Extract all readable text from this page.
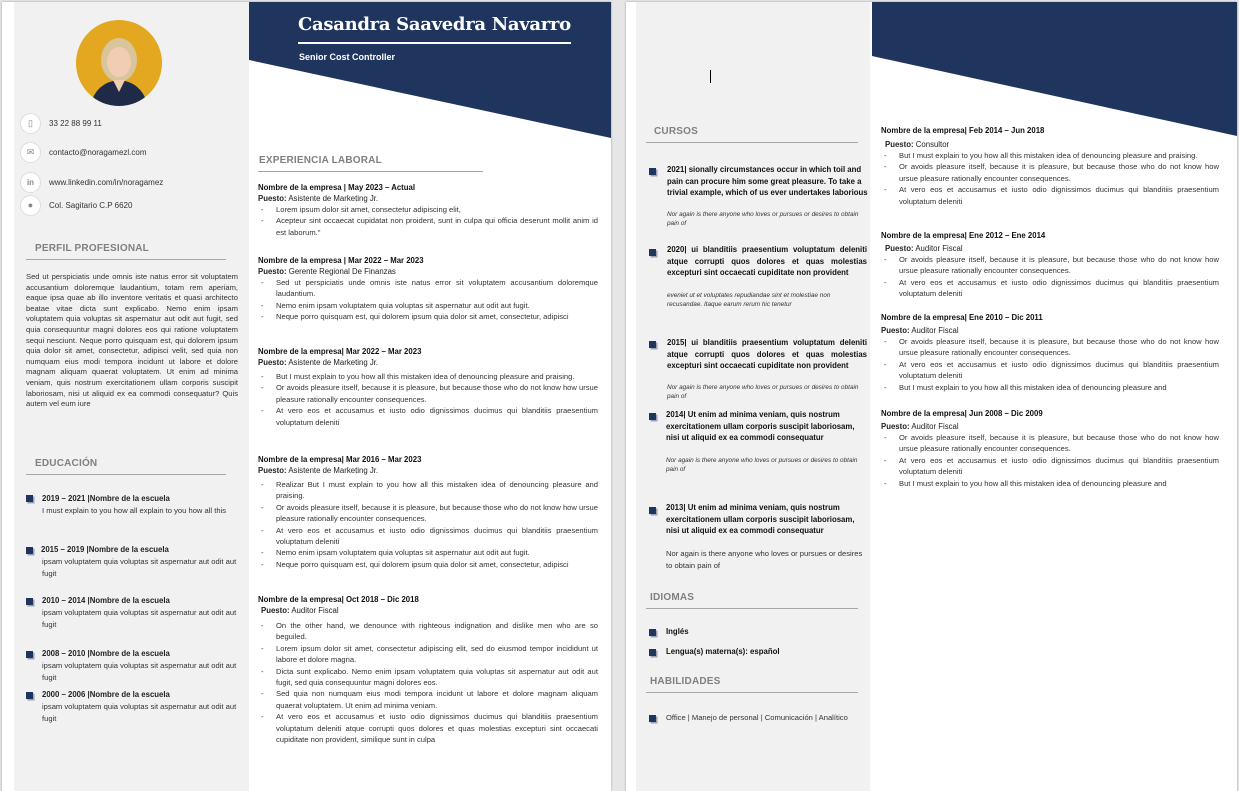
Casandra Saavedra Navarro
Senior Cost Controller
▯	33 22 88 99 11
✉	contacto@noragamezl.com
in	www.linkedin.com/in/noragamez
●	Col. Sagitario C.P 6620
PERFIL PROFESIONAL
Sed ut perspiciatis unde omnis iste natus error sit voluptatem accusantium doloremque laudantium, totam rem aperiam, eaque ipsa quae ab illo inventore veritatis et quasi architecto beatae vitae dicta sunt explicabo. Nemo enim ipsam voluptatem quia voluptas sit aspernatur aut odit aut fugit, sed quia consequuntur magni dolores eos qui ratione voluptatem sequi nesciunt. Neque porro quisquam est, qui dolorem ipsum quia dolor sit amet, consectetur, adipisci velit, sed quia non numquam eius modi tempora incidunt ut labore et dolore magnam aliquam quaerat voluptatem. Ut enim ad minima veniam, quis nostrum exercitationem ullam corporis suscipit laboriosam, nisi ut aliquid ex ea commodi consequatur? Quis autem vel eum iure
EDUCACIÓN
2019 – 2021 |Nombre de la escuela
I must explain to you how all explain to you how all this
2015 – 2019 |Nombre de la escuela
ipsam voluptatem quia voluptas sit aspernatur aut odit aut fugit
2010 – 2014 |Nombre de la escuela
ipsam voluptatem quia voluptas sit aspernatur aut odit aut fugit
2008 – 2010 |Nombre de la escuela
ipsam voluptatem quia voluptas sit aspernatur aut odit aut fugit
2000 – 2006 |Nombre de la escuela
ipsam voluptatem quia voluptas sit aspernatur aut odit aut fugit
EXPERIENCIA LABORAL
Nombre de la empresa | May 2023 – Actual
Puesto: Asistente de Marketing Jr.
- Lorem ipsum dolor sit amet, consectetur adipiscing elit,
- Acepteur sint occaecat cupidatat non proident, sunt in culpa qui officia deserunt mollit anim id est laborum."
Nombre de la empresa | Mar 2022 – Mar 2023
Puesto: Gerente Regional De Finanzas
- Sed ut perspiciatis unde omnis iste natus error sit voluptatem accusantium doloremque laudantium.
- Nemo enim ipsam voluptatem quia voluptas sit aspernatur aut odit aut fugit.
- Neque porro quisquam est, qui dolorem ipsum quia dolor sit amet, consectetur, adipisci
Nombre de la empresa| Mar 2022 – Mar 2023
Puesto: Asistente de Marketing Jr.
- But I must explain to you how all this mistaken idea of denouncing pleasure and praising.
- Or avoids pleasure itself, because it is pleasure, but because those who do not know how ursue pleasure rationally encounter consequences.
- At vero eos et accusamus et iusto odio dignissimos ducimus qui blanditiis praesentium voluptatum deleniti
Nombre de la empresa| Mar 2016 – Mar 2023
Puesto: Asistente de Marketing Jr.
- Realizar But I must explain to you how all this mistaken idea of denouncing pleasure and praising.
- Or avoids pleasure itself, because it is pleasure, but because those who do not know how ursue pleasure rationally encounter consequences.
- At vero eos et accusamus et iusto odio dignissimos ducimus qui blanditiis praesentium voluptatum deleniti
- Nemo enim ipsam voluptatem quia voluptas sit aspernatur aut odit aut fugit.
- Neque porro quisquam est, qui dolorem ipsum quia dolor sit amet, consectetur, adipisci
Nombre de la empresa| Oct 2018 – Dic 2018
Puesto: Auditor Fiscal
- On the other hand, we denounce with righteous indignation and dislike men who are so beguiled.
- Lorem ipsum dolor sit amet, consectetur adipiscing elit, sed do eiusmod tempor incididunt ut labore et dolore magna.
- Dicta sunt explicabo. Nemo enim ipsam voluptatem quia voluptas sit aspernatur aut odit aut fugit, sed quia consequuntur magni dolores eos.
- Sed quia non numquam eius modi tempora incidunt ut labore et dolore magnam aliquam quaerat voluptatem. Ut enim ad minima veniam.
- At vero eos et accusamus et iusto odio dignissimos ducimus qui blanditiis praesentium voluptatum deleniti atque corrupti quos dolores et quas molestias excepturi sint occaecati cupiditate non provident, similique sunt in culpa
CURSOS
2021| sionally circumstances occur in which toil and pain can procure him some great pleasure. To take a trivial example, which of us ever undertakes laborious
Nor again is there anyone who loves or pursues or desires to obtain pain of
2020| ui blanditiis praesentium voluptatum deleniti atque corrupti quos dolores et quas molestias excepturi sint occaecati cupiditate non provident
eveniet ut et voluptates repudiandae sint et molestiae non recusandae. Itaque earum rerum hic tenetur
2015| ui blanditiis praesentium voluptatum deleniti atque corrupti quos dolores et quas molestias excepturi sint occaecati cupiditate non provident
Nor again is there anyone who loves or pursues or desires to obtain pain of
2014| Ut enim ad minima veniam, quis nostrum exercitationem ullam corporis suscipit laboriosam, nisi ut aliquid ex ea commodi consequatur
Nor again is there anyone who loves or pursues or desires to obtain pain of
2013| Ut enim ad minima veniam, quis nostrum exercitationem ullam corporis suscipit laboriosam, nisi ut aliquid ex ea commodi consequatur
Nor again is there anyone who loves or pursues or desires to obtain pain of
IDIOMAS
Inglés
Lengua(s) materna(s): español
HABILIDADES
Office | Manejo de personal | Comunicación | Analítico
Nombre de la empresa| Feb 2014 – Jun 2018
Puesto: Consultor
- But I must explain to you how all this mistaken idea of denouncing pleasure and praising.
- Or avoids pleasure itself, because it is pleasure, but because those who do not know how ursue pleasure rationally encounter consequences.
- At vero eos et accusamus et iusto odio dignissimos ducimus qui blanditiis praesentium voluptatum deleniti
Nombre de la empresa| Ene 2012 – Ene 2014
Puesto: Auditor Fiscal
- Or avoids pleasure itself, because it is pleasure, but because those who do not know how ursue pleasure rationally encounter consequences.
- At vero eos et accusamus et iusto odio dignissimos ducimus qui blanditiis praesentium voluptatum deleniti
Nombre de la empresa| Ene 2010 – Dic 2011
Puesto: Auditor Fiscal
- Or avoids pleasure itself, because it is pleasure, but because those who do not know how ursue pleasure rationally encounter consequences.
- At vero eos et accusamus et iusto odio dignissimos ducimus qui blanditiis praesentium voluptatum deleniti
- But I must explain to you how all this mistaken idea of denouncing pleasure and
Nombre de la empresa| Jun 2008 – Dic 2009
Puesto: Auditor Fiscal
- Or avoids pleasure itself, because it is pleasure, but because those who do not know how ursue pleasure rationally encounter consequences.
- At vero eos et accusamus et iusto odio dignissimos ducimus qui blanditiis praesentium voluptatum deleniti
- But I must explain to you how all this mistaken idea of denouncing pleasure and
